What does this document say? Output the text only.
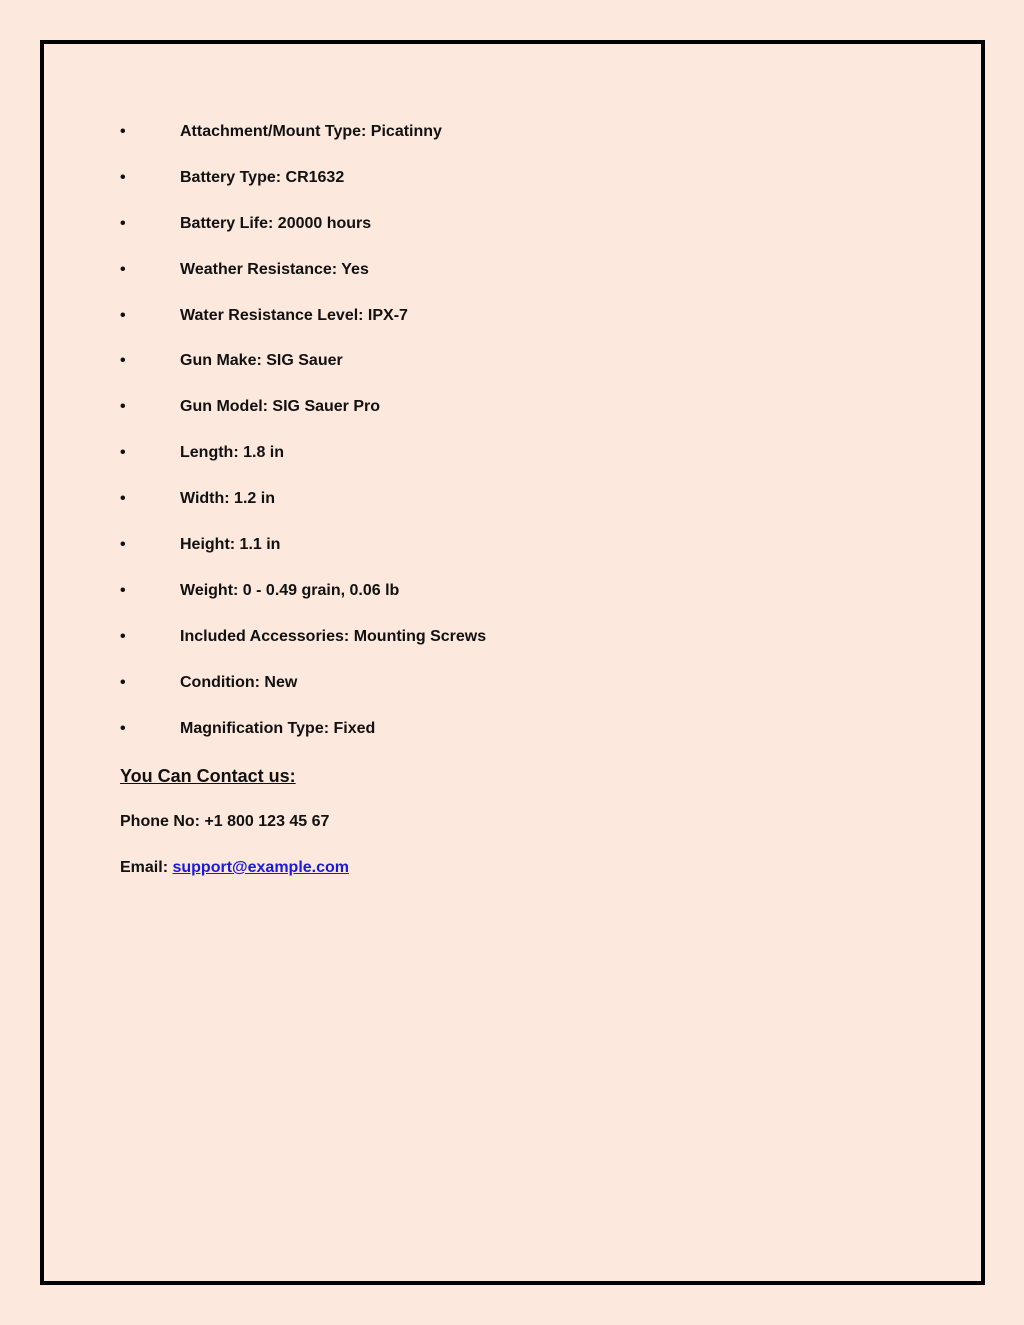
•	Attachment/Mount Type: Picatinny
•	Battery Type: CR1632
•	Battery Life: 20000 hours
•	Weather Resistance: Yes
•	Water Resistance Level: IPX-7
•	Gun Make: SIG Sauer
•	Gun Model: SIG Sauer Pro
•	Length: 1.8 in
•	Width: 1.2 in
•	Height: 1.1 in
•	Weight: 0 - 0.49 grain, 0.06 lb
•	Included Accessories: Mounting Screws
•	Condition: New
•	Magnification Type: Fixed
You Can Contact us:
Phone No: +1 800 123 45 67
Email: support@example.com
